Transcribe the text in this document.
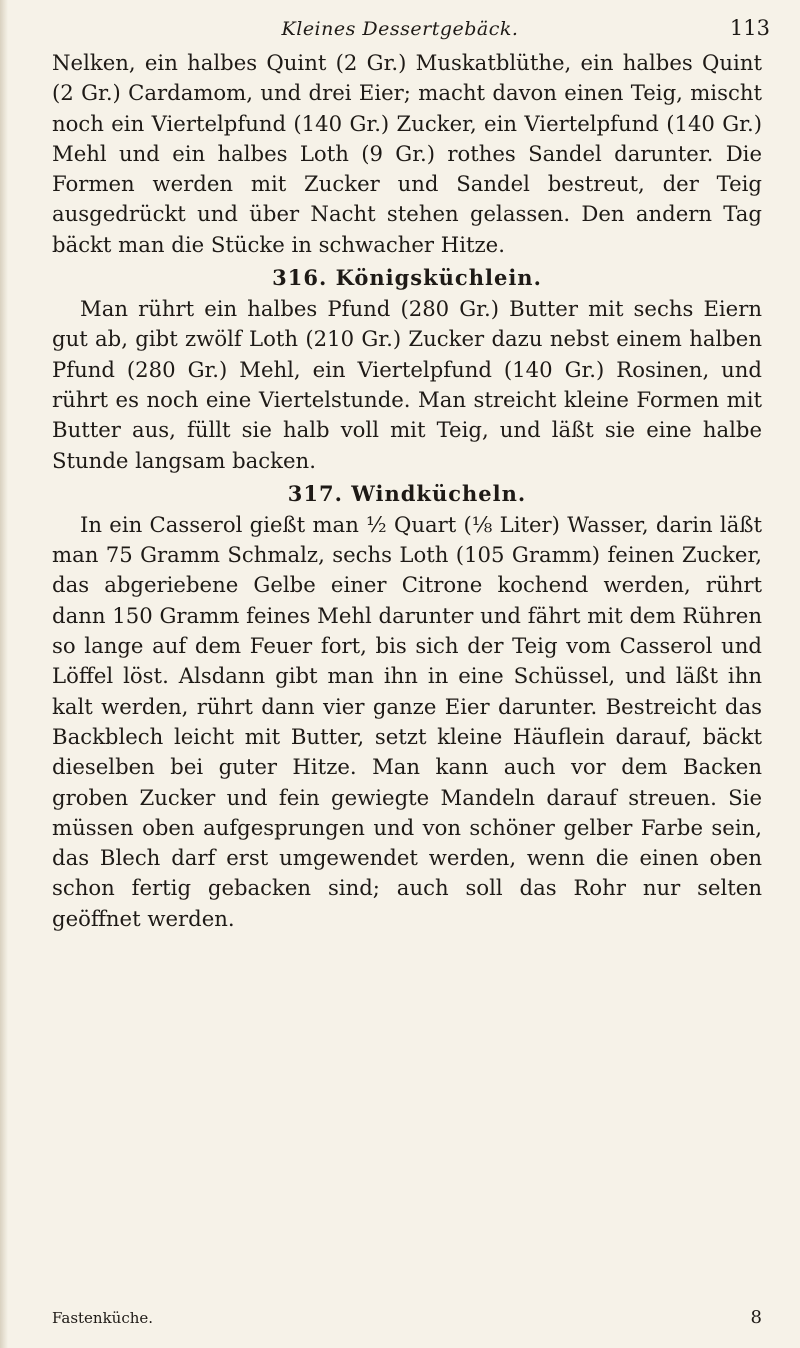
Kleines Dessertgebäck.	113

Nelken, ein halbes Quint (2 Gr.) Muskatblüthe, ein halbes Quint (2 Gr.) Cardamom, und drei Eier; macht davon einen Teig, mischt noch ein Viertelpfund (140 Gr.) Zucker, ein Viertelpfund (140 Gr.) Mehl und ein halbes Loth (9 Gr.) rothes Sandel darunter. Die Formen werden mit Zucker und Sandel bestreut, der Teig ausgedrückt und über Nacht stehen gelassen. Den andern Tag bäckt man die Stücke in schwacher Hitze.

316. Königsküchlein.

Man rührt ein halbes Pfund (280 Gr.) Butter mit sechs Eiern gut ab, gibt zwölf Loth (210 Gr.) Zucker dazu nebst einem halben Pfund (280 Gr.) Mehl, ein Viertelpfund (140 Gr.) Rosinen, und rührt es noch eine Viertelstunde. Man streicht kleine Formen mit Butter aus, füllt sie halb voll mit Teig, und läßt sie eine halbe Stunde langsam backen.

317. Windkücheln.

In ein Casserol gießt man ½ Quart (⅛ Liter) Wasser, darin läßt man 75 Gramm Schmalz, sechs Loth (105 Gramm) feinen Zucker, das abgeriebene Gelbe einer Citrone kochend werden, rührt dann 150 Gramm feines Mehl darunter und fährt mit dem Rühren so lange auf dem Feuer fort, bis sich der Teig vom Casserol und Löffel löst. Alsdann gibt man ihn in eine Schüssel, und läßt ihn kalt werden, rührt dann vier ganze Eier darunter. Bestreicht das Backblech leicht mit Butter, setzt kleine Häuflein darauf, bäckt dieselben bei guter Hitze. Man kann auch vor dem Backen groben Zucker und fein gewiegte Mandeln darauf streuen. Sie müssen oben aufgesprungen und von schöner gelber Farbe sein, das Blech darf erst umgewendet werden, wenn die einen oben schon fertig gebacken sind; auch soll das Rohr nur selten geöffnet werden.

Fastenküche.	8
